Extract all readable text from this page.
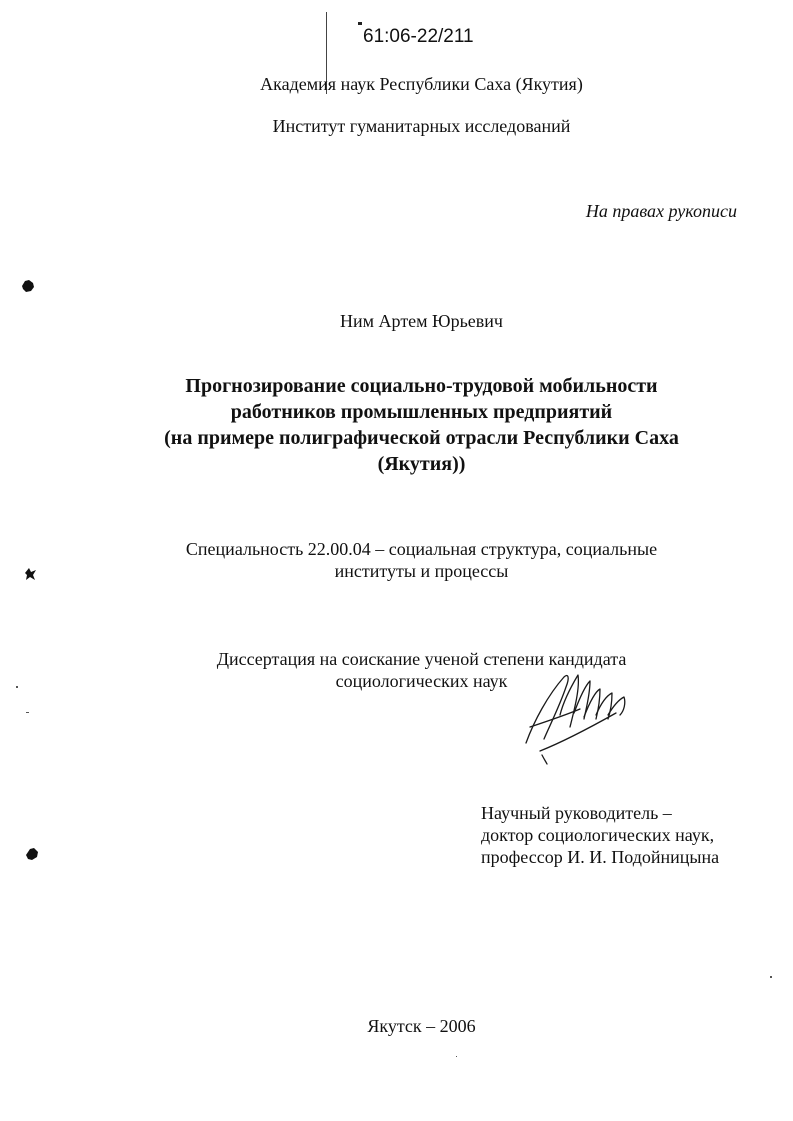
61:06-22/211
Академия наук Республики Саха (Якутия)
Институт гуманитарных исследований
На правах рукописи
Ним Артем Юрьевич
Прогнозирование социально-трудовой мобильности
работников промышленных предприятий
(на примере полиграфической отрасли Республики Саха
(Якутия))
Специальность 22.00.04 – социальная структура, социальные
институты и процессы
Диссертация на соискание ученой степени кандидата
социологических наук
Научный руководитель –
доктор социологических наук,
профессор И. И. Подойницына
Якутск – 2006
